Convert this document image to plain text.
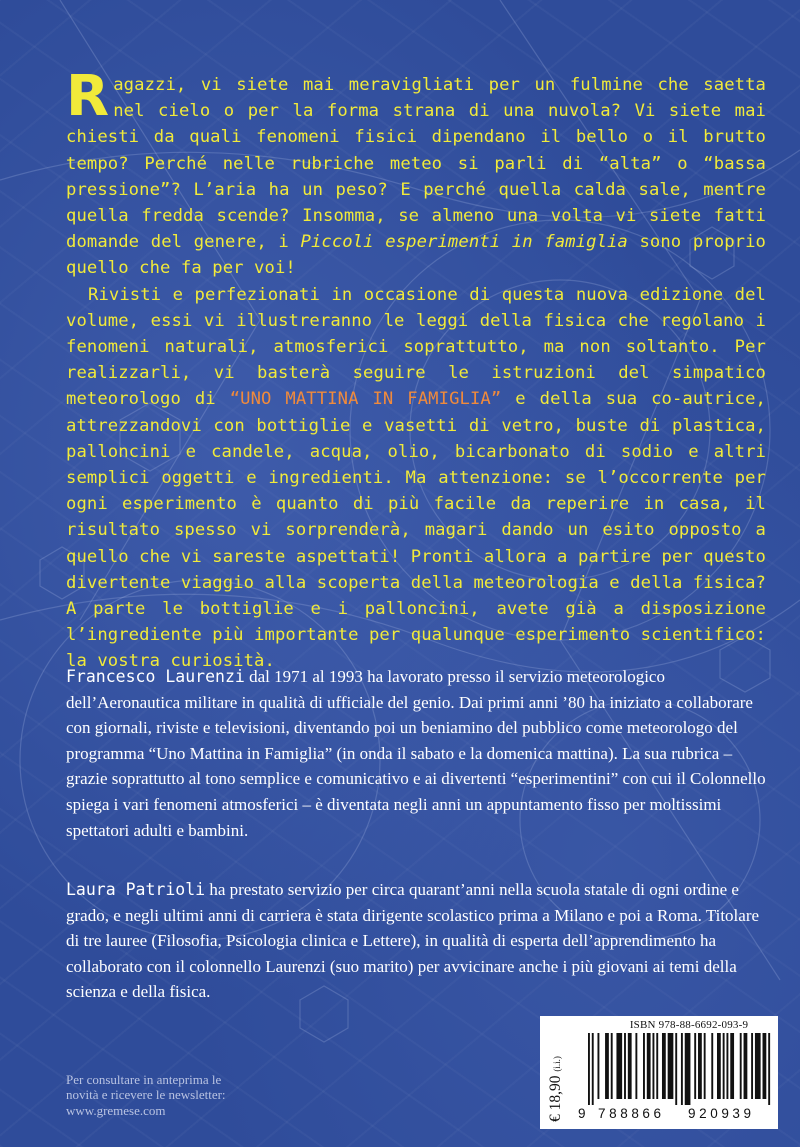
Ragazzi, vi siete mai meravigliati per un fulmine che saetta nel cielo o per la forma strana di una nuvola? Vi siete mai chiesti da quali fenomeni fisici dipendano il bello o il brutto tempo? Perché nelle rubriche meteo si parli di “alta” o “bassa pressione”? L’aria ha un peso? E perché quella calda sale, mentre quella fredda scende? Insomma, se almeno una volta vi siete fatti domande del genere, i Piccoli esperimenti in famiglia sono proprio quello che fa per voi!

Rivisti e perfezionati in occasione di questa nuova edizione del volume, essi vi illustreranno le leggi della fisica che regolano i fenomeni naturali, atmosferici soprattutto, ma non soltanto. Per realizzarli, vi basterà seguire le istruzioni del simpatico meteorologo di “UNO MATTINA IN FAMIGLIA” e della sua co-autrice, attrezzandovi con bottiglie e vasetti di vetro, buste di plastica, palloncini e candele, acqua, olio, bicarbonato di sodio e altri semplici oggetti e ingredienti. Ma attenzione: se l’occorrente per ogni esperimento è quanto di più facile da reperire in casa, il risultato spesso vi sorprenderà, magari dando un esito opposto a quello che vi sareste aspettati! Pronti allora a partire per questo divertente viaggio alla scoperta della meteorologia e della fisica? A parte le bottiglie e i palloncini, avete già a disposizione l’ingrediente più importante per qualunque esperimento scientifico: la vostra curiosità.

Francesco Laurenzi dal 1971 al 1993 ha lavorato presso il servizio meteorologico dell’Aeronautica militare in qualità di ufficiale del genio. Dai primi anni ’80 ha iniziato a collaborare con giornali, riviste e televisioni, diventando poi un beniamino del pubblico come meteorologo del programma “Uno Mattina in Famiglia” (in onda il sabato e la domenica mattina). La sua rubrica – grazie soprattutto al tono semplice e comunicativo e ai divertenti “esperimentini” con cui il Colonnello spiega i vari fenomeni atmosferici – è diventata negli anni un appuntamento fisso per moltissimi spettatori adulti e bambini.
Laura Patrioli ha prestato servizio per circa quarant’anni nella scuola statale di ogni ordine e grado, e negli ultimi anni di carriera è stata dirigente scolastico prima a Milano e poi a Roma. Titolare di tre lauree (Filosofia, Psicologia clinica e Lettere), in qualità di esperta dell’apprendimento ha collaborato con il colonnello Laurenzi (suo marito) per avvicinare anche i più giovani ai temi della scienza e della fisica.
Per consultare in anteprima le
novità e ricevere le newsletter:
www.gremese.com	€ 18,90 (i.i.)
ISBN 978-88-6692-093-9
9 788866 920939
